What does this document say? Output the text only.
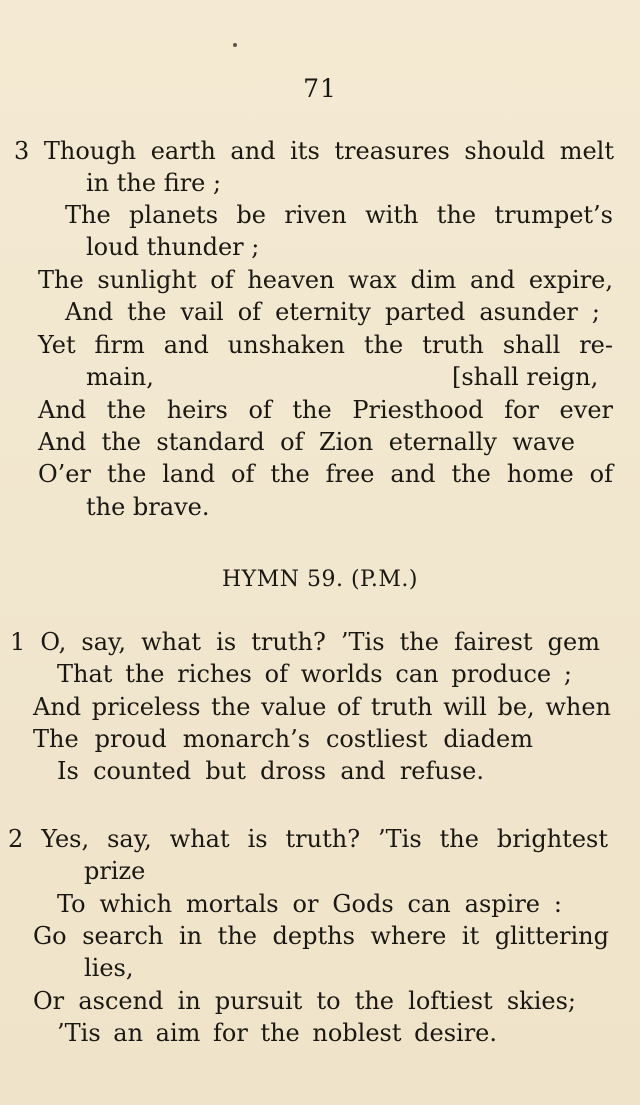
71
3 Though earth and its treasures should melt
in the fire ;
The planets be riven with the trumpet’s
loud thunder ;
The sunlight of heaven wax dim and expire,
And the vail of eternity parted asunder ;
Yet firm and unshaken the truth shall re-
main,	[shall reign,
And the heirs of the Priesthood for ever
And the standard of Zion eternally wave
O’er the land of the free and the home of
the brave.
HYMN 59. (P.M.)
1 O, say, what is truth? ’Tis the fairest gem
That the riches of worlds can produce ;
And priceless the value of truth will be, when
The proud monarch’s costliest diadem
Is counted but dross and refuse.
2 Yes, say, what is truth? ’Tis the brightest
prize
To which mortals or Gods can aspire :
Go search in the depths where it glittering
lies,
Or ascend in pursuit to the loftiest skies;
’Tis an aim for the noblest desire.
